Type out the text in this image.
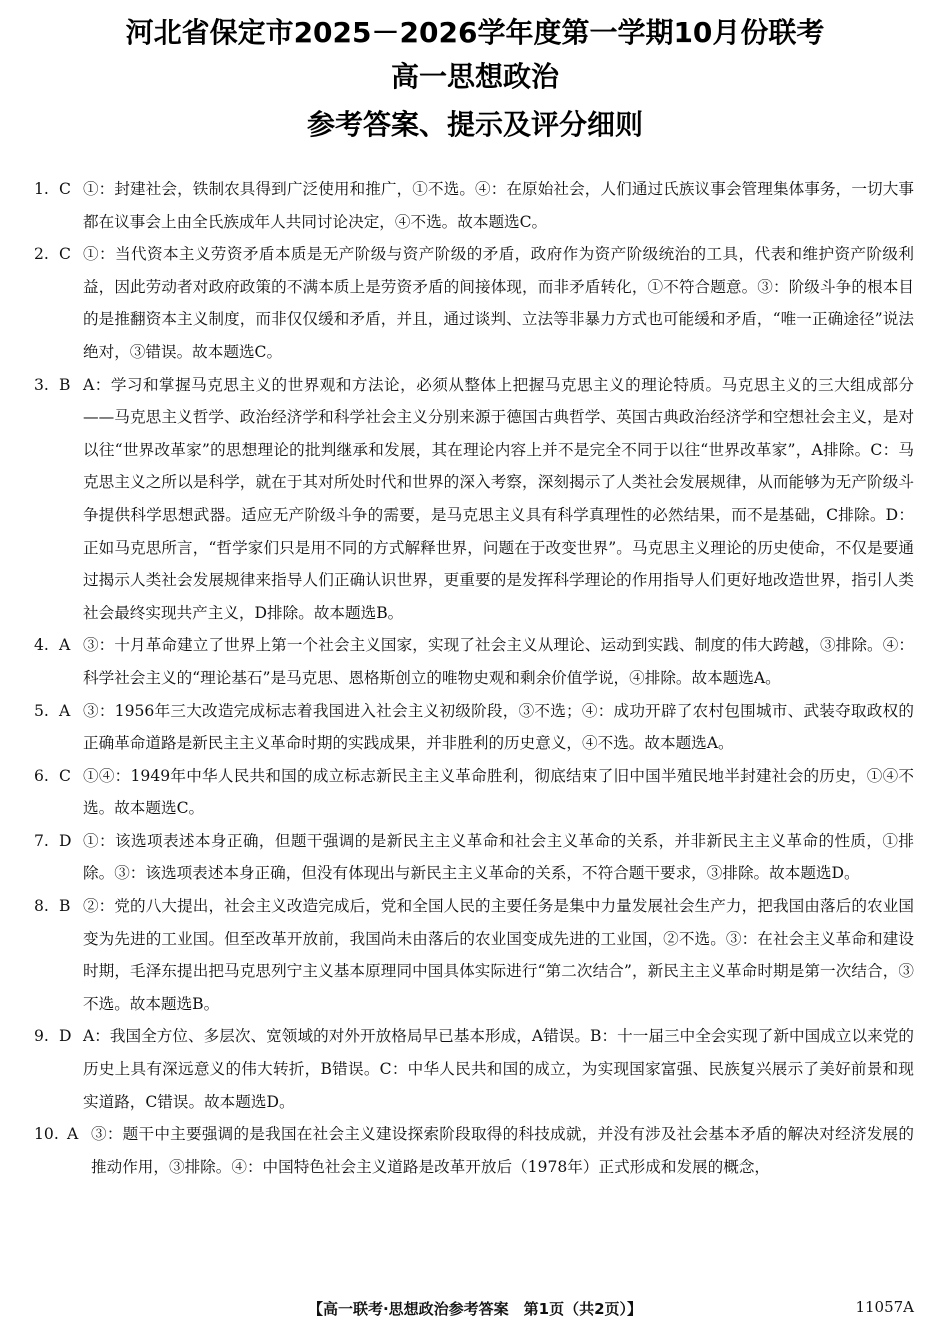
河北省保定市2025－2026学年度第一学期10月份联考
高一思想政治
参考答案、提示及评分细则
1. C ①：封建社会，铁制农具得到广泛使用和推广，①不选。④：在原始社会，人们通过氏族议事会管理集体事务，一切大事都在议事会上由全氏族成年人共同讨论决定，④不选。故本题选C。
2. C ①：当代资本主义劳资矛盾本质是无产阶级与资产阶级的矛盾，政府作为资产阶级统治的工具，代表和维护资产阶级利益，因此劳动者对政府政策的不满本质上是劳资矛盾的间接体现，而非矛盾转化，①不符合题意。③：阶级斗争的根本目的是推翻资本主义制度，而非仅仅缓和矛盾，并且，通过谈判、立法等非暴力方式也可能缓和矛盾，“唯一正确途径”说法绝对，③错误。故本题选C。
3. B A：学习和掌握马克思主义的世界观和方法论，必须从整体上把握马克思主义的理论特质。马克思主义的三大组成部分——马克思主义哲学、政治经济学和科学社会主义分别来源于德国古典哲学、英国古典政治经济学和空想社会主义，是对以往“世界改革家”的思想理论的批判继承和发展，其在理论内容上并不是完全不同于以往“世界改革家”，A排除。C：马克思主义之所以是科学，就在于其对所处时代和世界的深入考察，深刻揭示了人类社会发展规律，从而能够为无产阶级斗争提供科学思想武器。适应无产阶级斗争的需要，是马克思主义具有科学真理性的必然结果，而不是基础，C排除。D：正如马克思所言，“哲学家们只是用不同的方式解释世界，问题在于改变世界”。马克思主义理论的历史使命，不仅是要通过揭示人类社会发展规律来指导人们正确认识世界，更重要的是发挥科学理论的作用指导人们更好地改造世界，指引人类社会最终实现共产主义，D排除。故本题选B。
4. A ③：十月革命建立了世界上第一个社会主义国家，实现了社会主义从理论、运动到实践、制度的伟大跨越，③排除。④：科学社会主义的“理论基石”是马克思、恩格斯创立的唯物史观和剩余价值学说，④排除。故本题选A。
5. A ③：1956年三大改造完成标志着我国进入社会主义初级阶段，③不选；④：成功开辟了农村包围城市、武装夺取政权的正确革命道路是新民主主义革命时期的实践成果，并非胜利的历史意义，④不选。故本题选A。
6. C ①④：1949年中华人民共和国的成立标志新民主主义革命胜利，彻底结束了旧中国半殖民地半封建社会的历史，①④不选。故本题选C。
7. D ①：该选项表述本身正确，但题干强调的是新民主主义革命和社会主义革命的关系，并非新民主主义革命的性质，①排除。③：该选项表述本身正确，但没有体现出与新民主主义革命的关系，不符合题干要求，③排除。故本题选D。
8. B ②：党的八大提出，社会主义改造完成后，党和全国人民的主要任务是集中力量发展社会生产力，把我国由落后的农业国变为先进的工业国。但至改革开放前，我国尚未由落后的农业国变成先进的工业国，②不选。③：在社会主义革命和建设时期，毛泽东提出把马克思列宁主义基本原理同中国具体实际进行“第二次结合”，新民主主义革命时期是第一次结合，③不选。故本题选B。
9. D A：我国全方位、多层次、宽领域的对外开放格局早已基本形成，A错误。B：十一届三中全会实现了新中国成立以来党的历史上具有深远意义的伟大转折，B错误。C：中华人民共和国的成立，为实现国家富强、民族复兴展示了美好前景和现实道路，C错误。故本题选D。
10. A ③：题干中主要强调的是我国在社会主义建设探索阶段取得的科技成就，并没有涉及社会基本矛盾的解决对经济发展的推动作用，③排除。④：中国特色社会主义道路是改革开放后（1978年）正式形成和发展的概念，
【高一联考·思想政治参考答案　第1页（共2页）】	11057A
